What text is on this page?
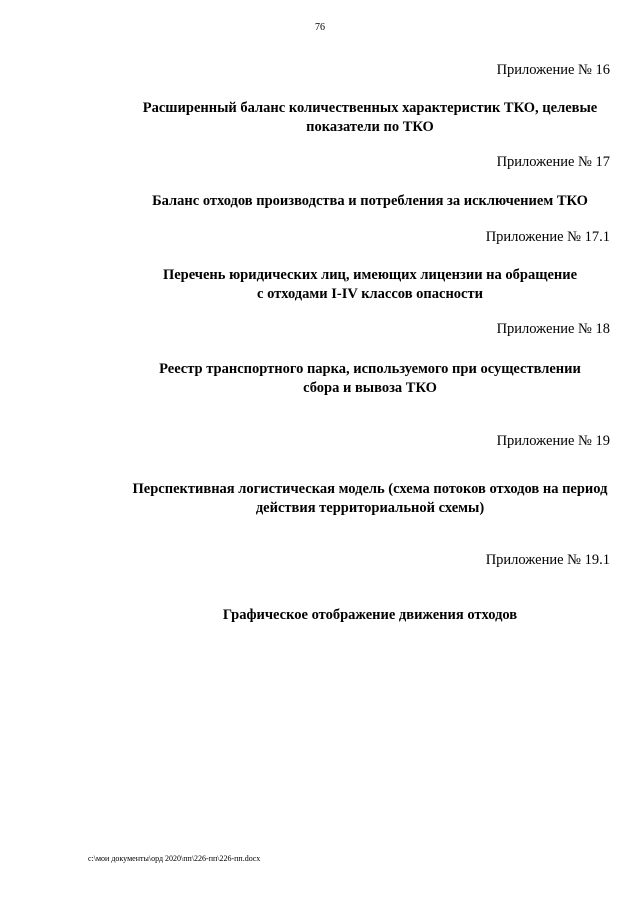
76
Приложение № 16
Расширенный баланс количественных характеристик ТКО, целевые
показатели по ТКО
Приложение № 17
Баланс отходов производства и потребления за исключением ТКО
Приложение № 17.1
Перечень юридических лиц, имеющих лицензии на обращение
с отходами I-IV классов опасности
Приложение № 18
Реестр транспортного парка, используемого при осуществлении
сбора и вывоза ТКО
Приложение № 19
Перспективная логистическая модель (схема потоков отходов на период
действия территориальной схемы)
Приложение № 19.1
Графическое отображение движения отходов
c:\мои документы\орд 2020\пп\226-пп\226-пп.docx
